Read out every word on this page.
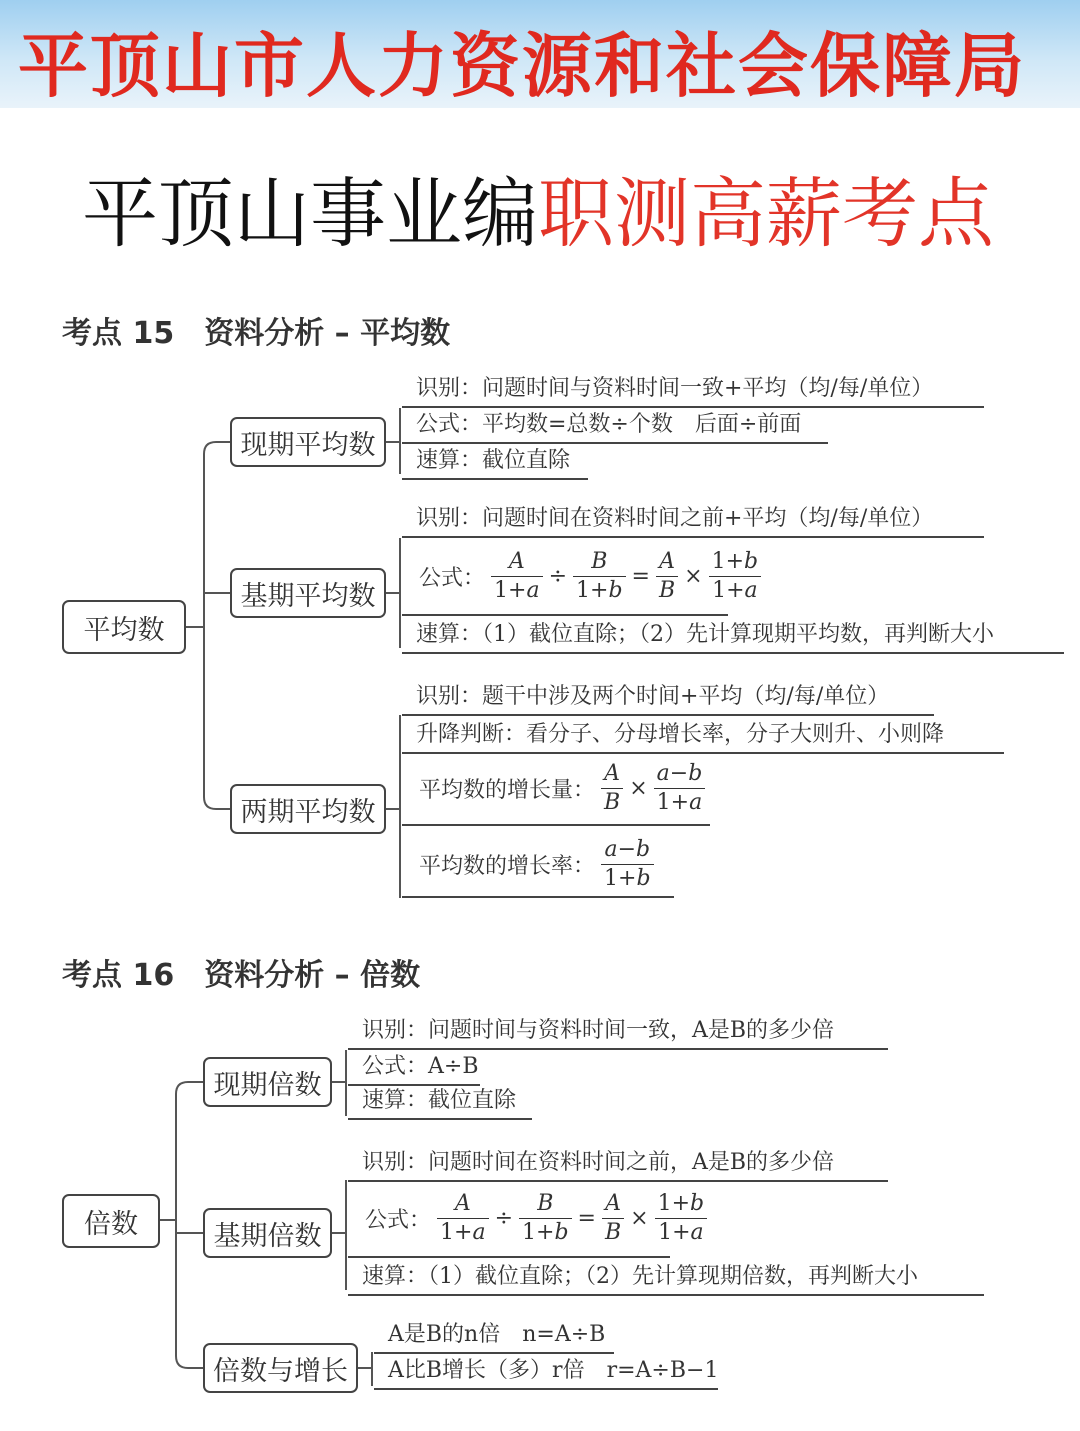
平顶山市人力资源和社会保障局
平顶山事业编职测高薪考点
考点 15　资料分析 – 平均数
平均数
现期平均数
识别：问题时间与资料时间一致+平均（均/每/单位）
公式：平均数=总数÷个数　后面÷前面
速算：截位直除
基期平均数
识别：问题时间在资料时间之前+平均（均/每/单位）
公式： $\frac{A}{1+a} \div \frac{B}{1+b} = \frac{A}{B} \times \frac{1+b}{1+a}$
速算：（1）截位直除；（2）先计算现期平均数，再判断大小
两期平均数
识别：题干中涉及两个时间+平均（均/每/单位）
升降判断：看分子、分母增长率，分子大则升、小则降
平均数的增长量： $\frac{A}{B} \times \frac{a-b}{1+a}$
平均数的增长率： $\frac{a-b}{1+b}$
考点 16　资料分析 – 倍数
倍数
现期倍数
识别：问题时间与资料时间一致，A是B的多少倍
公式：A÷B
速算：截位直除
基期倍数
识别：问题时间在资料时间之前，A是B的多少倍
公式： $\frac{A}{1+a} \div \frac{B}{1+b} = \frac{A}{B} \times \frac{1+b}{1+a}$
速算：（1）截位直除；（2）先计算现期倍数，再判断大小
倍数与增长
A是B的n倍　n=A÷B
A比B增长（多）r倍　r=A÷B−1
